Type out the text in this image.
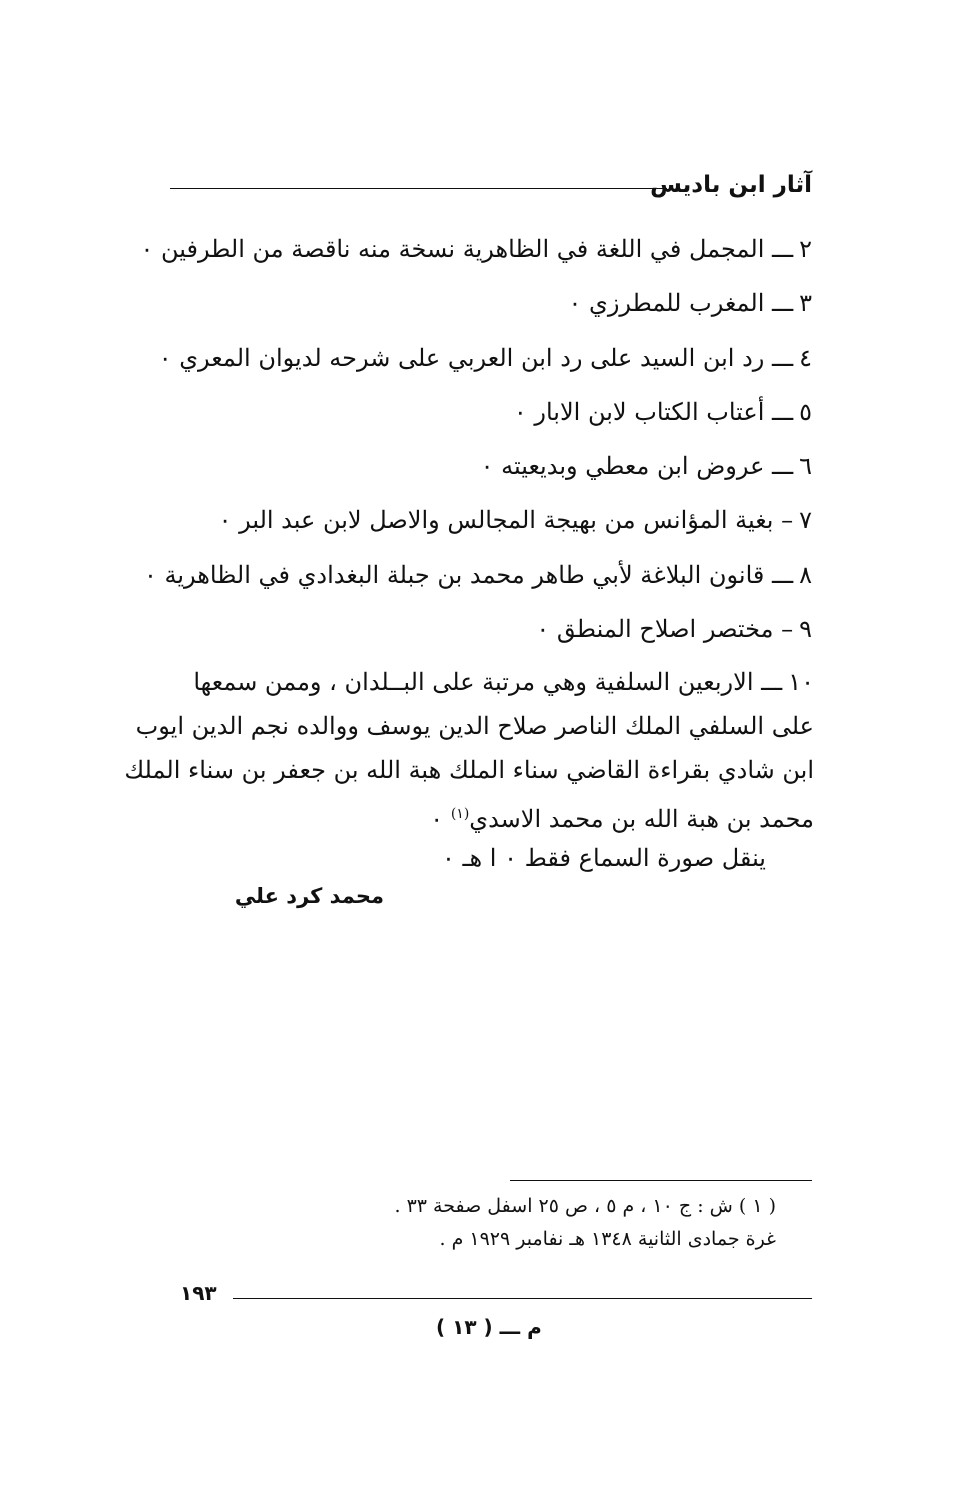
آثار ابن باديس
٢ـــ المجمل في اللغة في الظاهرية نسخة منه ناقصة من الطرفين ٠
٣ـــ المغرب للمطرزي ٠
٤ـــ رد ابن السيد على رد ابن العربي على شرحه لديوان المعري ٠
٥ـــ أعتاب الكتاب لابن الابار ٠
٦ـــ عروض ابن معطي وبديعيته ٠
٧– بغية المؤانس من بهيجة المجالس والاصل لابن عبد البر ٠
٨ـــ قانون البلاغة لأبي طاهر محمد بن جبلة البغدادي في الظاهرية ٠
٩– مختصر اصلاح المنطق ٠
١٠ـــ الاربعين السلفية وهي مرتبة على البــلدان ، وممن سمعها
على السلفي الملك الناصر صلاح الدين يوسف ووالده نجم الدين ايوب
ابن شادي بقراءة القاضي سناء الملك هبة الله بن جعفر بن سناء الملك
محمد بن هبة الله بن محمد الاسدي$^{(١)}$ ٠
ينقل صورة السماع فقط ٠ ا هـ ٠
محمد كرد علي
( ١ ) ش : ج ١٠ ، م ٥ ، ص ٢٥ اسفل صفحة ٣٣ .
غرة جمادى الثانية ١٣٤٨ هـ نفامبر ١٩٢٩ م .
١٩٣
م ـــ ( ١٣ )
